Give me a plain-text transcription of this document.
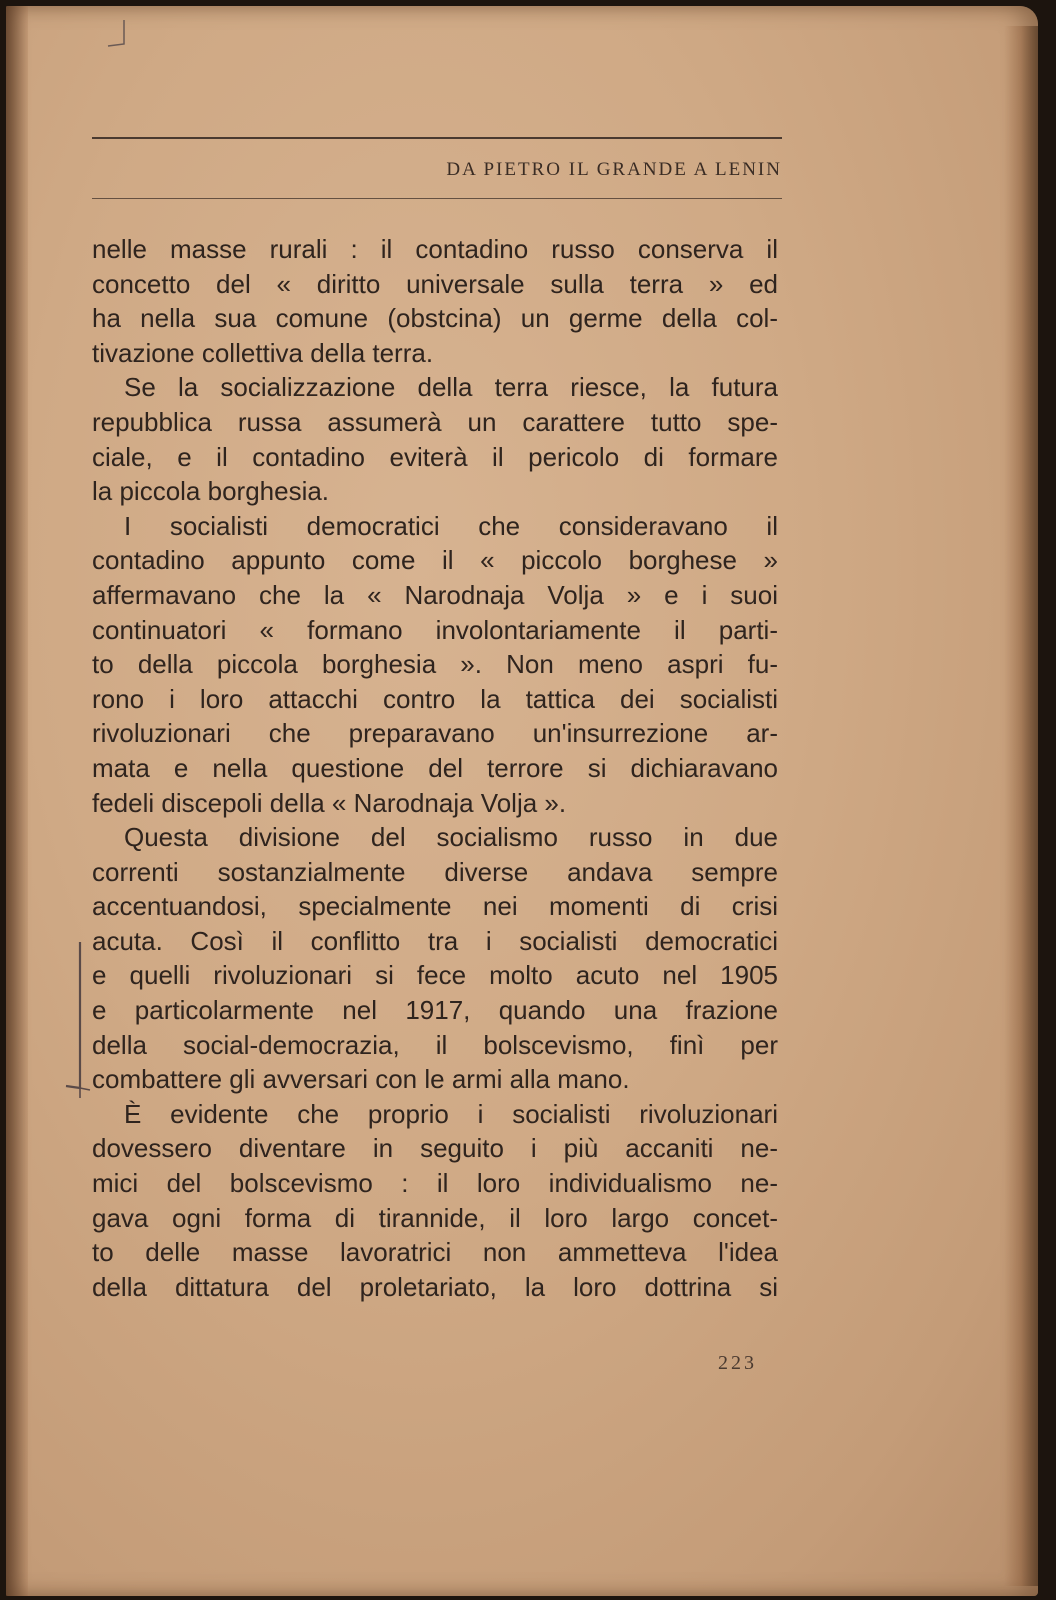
DA PIETRO IL GRANDE A LENIN
nelle masse rurali : il contadino russo conserva il
concetto del « diritto universale sulla terra » ed
ha nella sua comune (obstcina) un germe della col-
tivazione collettiva della terra.
Se la socializzazione della terra riesce, la futura
repubblica russa assumerà un carattere tutto spe-
ciale, e il contadino eviterà il pericolo di formare
la piccola borghesia.
I socialisti democratici che consideravano il
contadino appunto come il « piccolo borghese »
affermavano che la « Narodnaja Volja » e i suoi
continuatori « formano involontariamente il parti-
to della piccola borghesia ». Non meno aspri fu-
rono i loro attacchi contro la tattica dei socialisti
rivoluzionari che preparavano un'insurrezione ar-
mata e nella questione del terrore si dichiaravano
fedeli discepoli della « Narodnaja Volja ».
Questa divisione del socialismo russo in due
correnti sostanzialmente diverse andava sempre
accentuandosi, specialmente nei momenti di crisi
acuta. Così il conflitto tra i socialisti democratici
e quelli rivoluzionari si fece molto acuto nel 1905
e particolarmente nel 1917, quando una frazione
della social-democrazia, il bolscevismo, finì per
combattere gli avversari con le armi alla mano.
È evidente che proprio i socialisti rivoluzionari
dovessero diventare in seguito i più accaniti ne-
mici del bolscevismo : il loro individualismo ne-
gava ogni forma di tirannide, il loro largo concet-
to delle masse lavoratrici non ammetteva l'idea
della dittatura del proletariato, la loro dottrina si
223
